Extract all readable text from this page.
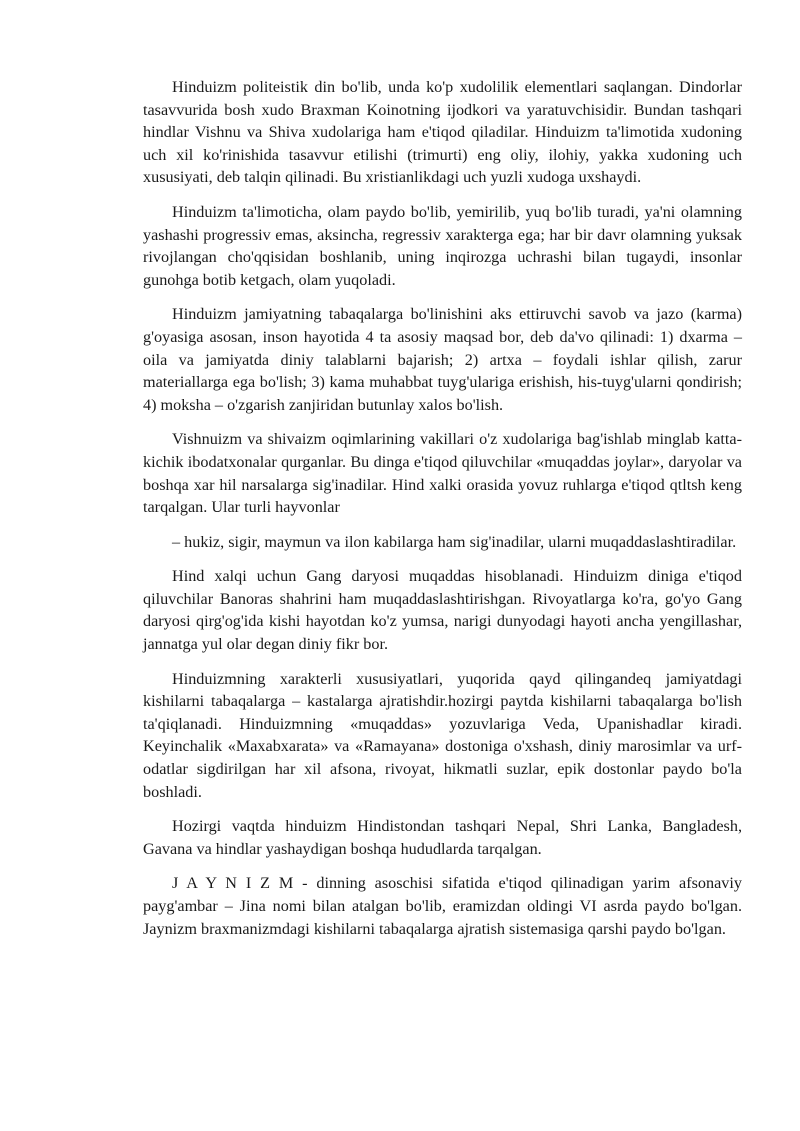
Hinduizm politeistik din bo'lib, unda ko'p xudolilik elementlari saqlangan. Dindorlar tasavvurida bosh xudo Braxman Koinotning ijodkori va yaratuvchisidir. Bundan tashqari hindlar Vishnu va Shiva xudolariga ham e'tiqod qiladilar. Hinduizm ta'limotida xudoning uch xil ko'rinishida tasavvur etilishi (trimurti) eng oliy, ilohiy, yakka xudoning uch xususiyati, deb talqin qilinadi. Bu xristianlikdagi uch yuzli xudoga uxshaydi.

Hinduizm ta'limoticha, olam paydo bo'lib, yemirilib, yuq bo'lib turadi, ya'ni olamning yashashi progressiv emas, aksincha, regressiv xarakterga ega; har bir davr olamning yuksak rivojlangan cho'qqisidan boshlanib, uning inqirozga uchrashi bilan tugaydi, insonlar gunohga botib ketgach, olam yuqoladi.

Hinduizm jamiyatning tabaqalarga bo'linishini aks ettiruvchi savob va jazo (karma) g'oyasiga asosan, inson hayotida 4 ta asosiy maqsad bor, deb da'vo qilinadi: 1) dxarma – oila va jamiyatda diniy talablarni bajarish; 2) artxa – foydali ishlar qilish, zarur materiallarga ega bo'lish; 3) kama muhabbat tuyg'ulariga erishish, his-tuyg'ularni qondirish; 4) moksha – o'zgarish zanjiridan butunlay xalos bo'lish.

Vishnuizm va shivaizm oqimlarining vakillari o'z xudolariga bag'ishlab minglab katta-kichik ibodatxonalar qurganlar. Bu dinga e'tiqod qiluvchilar «muqaddas joylar», daryolar va boshqa xar hil narsalarga sig'inadilar. Hind xalki orasida yovuz ruhlarga e'tiqod qtltsh keng tarqalgan. Ular turli hayvonlar

– hukiz, sigir, maymun va ilon kabilarga ham sig'inadilar, ularni muqaddaslashtiradilar.

Hind xalqi uchun Gang daryosi muqaddas hisoblanadi. Hinduizm diniga e'tiqod qiluvchilar Banoras shahrini ham muqaddaslashtirishgan. Rivoyatlarga ko'ra, go'yo Gang daryosi qirg'og'ida kishi hayotdan ko'z yumsa, narigi dunyodagi hayoti ancha yengillashar, jannatga yul olar degan diniy fikr bor.

Hinduizmning xarakterli xususiyatlari, yuqorida qayd qilingandeq jamiyatdagi kishilarni tabaqalarga – kastalarga ajratishdir.hozirgi paytda kishilarni tabaqalarga bo'lish ta'qiqlanadi. Hinduizmning «muqaddas» yozuvlariga Veda, Upanishadlar kiradi. Keyinchalik «Maxabxarata» va «Ramayana» dostoniga o'xshash, diniy marosimlar va urf-odatlar sigdirilgan har xil afsona, rivoyat, hikmatli suzlar, epik dostonlar paydo bo'la boshladi.

Hozirgi vaqtda hinduizm Hindistondan tashqari Nepal, Shri Lanka, Bangladesh, Gavana va hindlar yashaydigan boshqa hududlarda tarqalgan.

J A Y N I Z M - dinning asoschisi sifatida e'tiqod qilinadigan yarim afsonaviy payg'ambar – Jina nomi bilan atalgan bo'lib, eramizdan oldingi VI asrda paydo bo'lgan. Jaynizm braxmanizmdagi kishilarni tabaqalarga ajratish sistemasiga qarshi paydo bo'lgan.
